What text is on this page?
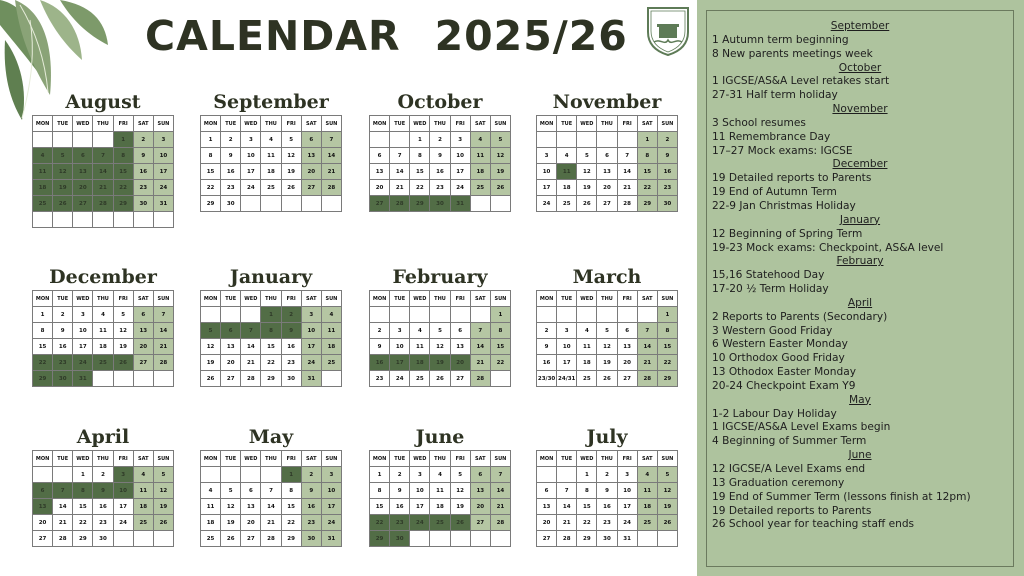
CALENDAR 2025/26
August
MON	TUE	WED	THU	FRI	SAT	SUN
				1	2	3
4	5	6	7	8	9	10
11	12	13	14	15	16	17
18	19	20	21	22	23	24
25	26	27	28	29	30	31

September
MON	TUE	WED	THU	FRI	SAT	SUN
1	2	3	4	5	6	7
8	9	10	11	12	13	14
15	16	17	18	19	20	21
22	23	24	25	26	27	28
29	30					
October
MON	TUE	WED	THU	FRI	SAT	SUN
		1	2	3	4	5
6	7	8	9	10	11	12
13	14	15	16	17	18	19
20	21	22	23	24	25	26
27	28	29	30	31		
November
MON	TUE	WED	THU	FRI	SAT	SUN
					1	2
3	4	5	6	7	8	9
10	11	12	13	14	15	16
17	18	19	20	21	22	23
24	25	26	27	28	29	30
December
MON	TUE	WED	THU	FRI	SAT	SUN
1	2	3	4	5	6	7
8	9	10	11	12	13	14
15	16	17	18	19	20	21
22	23	24	25	26	27	28
29	30	31				
January
MON	TUE	WED	THU	FRI	SAT	SUN
			1	2	3	4
5	6	7	8	9	10	11
12	13	14	15	16	17	18
19	20	21	22	23	24	25
26	27	28	29	30	31	
February
MON	TUE	WED	THU	FRI	SAT	SUN
						1
2	3	4	5	6	7	8
9	10	11	12	13	14	15
16	17	18	19	20	21	22
23	24	25	26	27	28	
March
MON	TUE	WED	THU	FRI	SAT	SUN
						1
2	3	4	5	6	7	8
9	10	11	12	13	14	15
16	17	18	19	20	21	22
23/30	24/31	25	26	27	28	29
April
MON	TUE	WED	THU	FRI	SAT	SUN
		1	2	3	4	5
6	7	8	9	10	11	12
13	14	15	16	17	18	19
20	21	22	23	24	25	26
27	28	29	30			
May
MON	TUE	WED	THU	FRI	SAT	SUN
				1	2	3
4	5	6	7	8	9	10
11	12	13	14	15	16	17
18	19	20	21	22	23	24
25	26	27	28	29	30	31
June
MON	TUE	WED	THU	FRI	SAT	SUN
1	2	3	4	5	6	7
8	9	10	11	12	13	14
15	16	17	18	19	20	21
22	23	24	25	26	27	28
29	30					
July
MON	TUE	WED	THU	FRI	SAT	SUN
		1	2	3	4	5
6	7	8	9	10	11	12
13	14	15	16	17	18	19
20	21	22	23	24	25	26
27	28	29	30	31		
September
1 Autumn term beginning
8 New parents meetings week
October
1 IGCSE/AS&A Level retakes start
27-31 Half term holiday
November
3 School resumes
11 Remembrance Day
17–27 Mock exams: IGCSE
December
19 Detailed reports to Parents
19 End of Autumn Term
22-9 Jan Christmas Holiday
January
12 Beginning of Spring Term
19-23 Mock exams: Checkpoint, AS&A level
February
15,16 Statehood Day
17-20 ½ Term Holiday
April
2 Reports to Parents (Secondary)
3 Western Good Friday
6 Western Easter Monday
10 Orthodox Good Friday
13 Othodox Easter Monday
20-24 Checkpoint Exam Y9
May
1-2 Labour Day Holiday
1 IGCSE/AS&A Level Exams begin
4 Beginning of Summer Term
June
12 IGCSE/A Level Exams end
13 Graduation ceremony
19 End of Summer Term (lessons finish at 12pm)
19 Detailed reports to Parents
26 School year for teaching staff ends
